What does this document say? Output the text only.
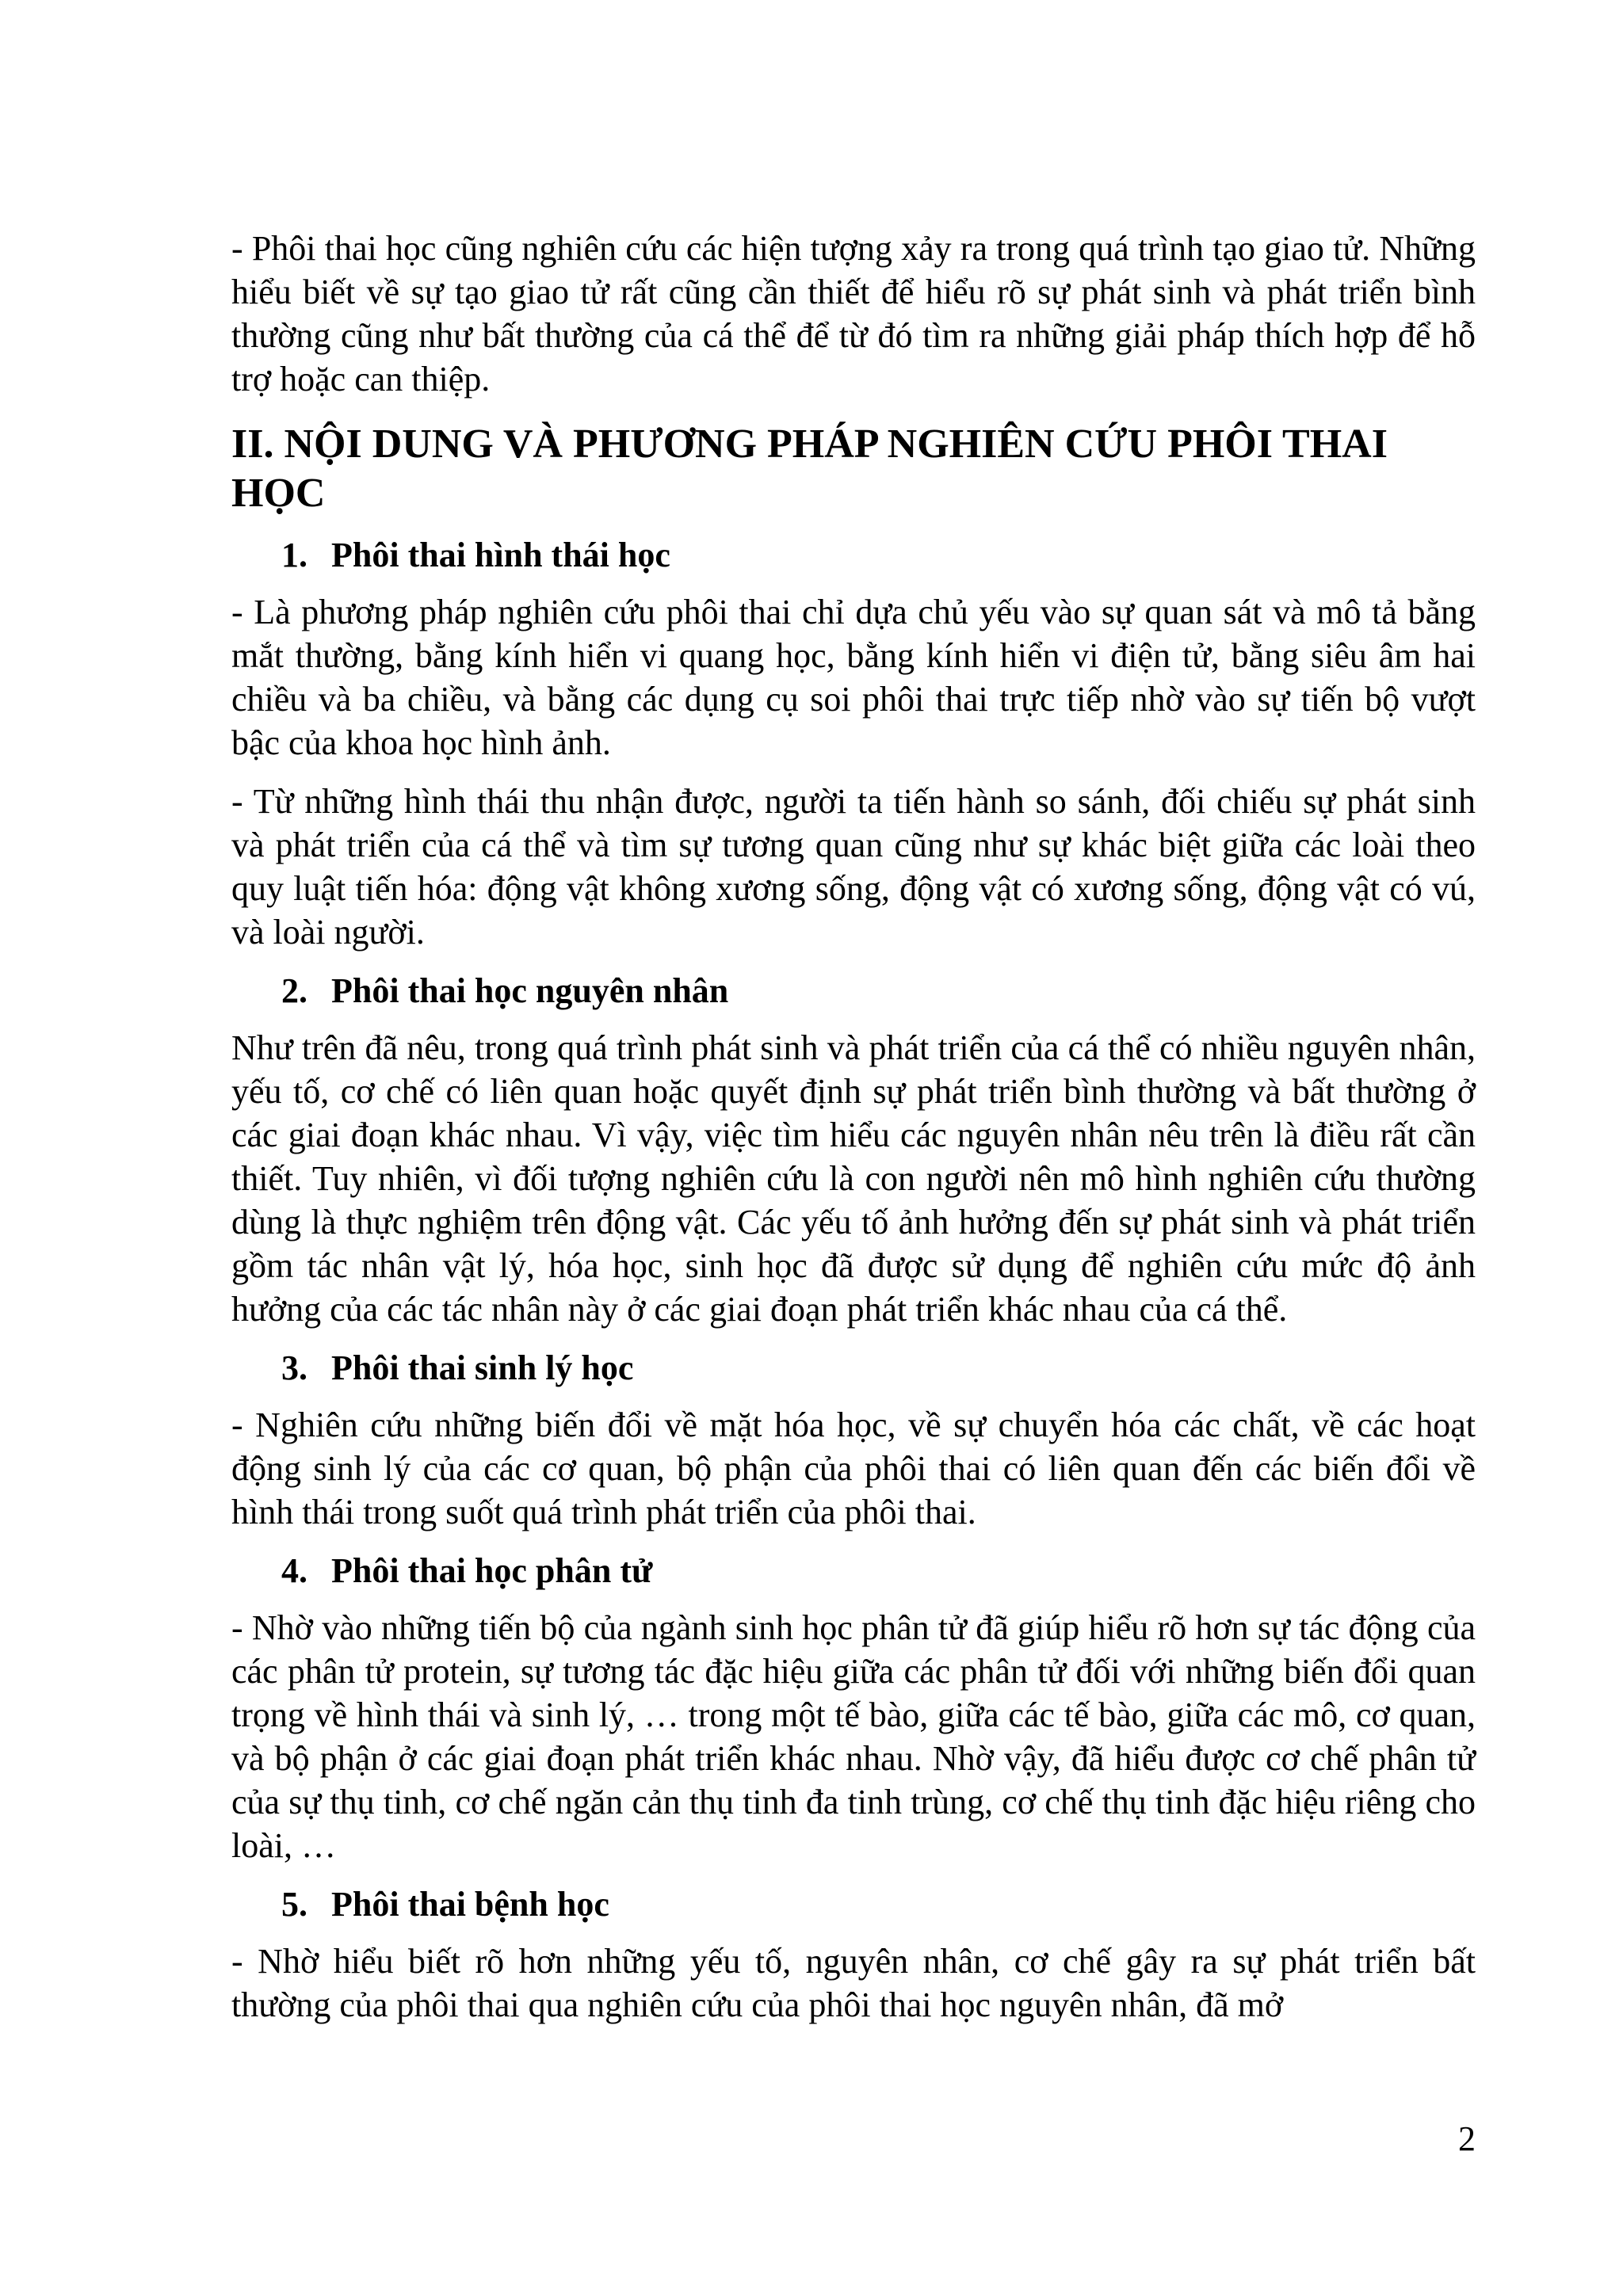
- Phôi thai học cũng nghiên cứu các hiện tượng xảy ra trong quá trình tạo giao tử. Những hiểu biết về sự tạo giao tử rất cũng cần thiết để hiểu rõ sự phát sinh và phát triển bình thường cũng như bất thường của cá thể để từ đó tìm ra những giải pháp thích hợp để hỗ trợ hoặc can thiệp.

II. NỘI DUNG VÀ PHƯƠNG PHÁP NGHIÊN CỨU PHÔI THAI HỌC
1. Phôi thai hình thái học

- Là phương pháp nghiên cứu phôi thai chỉ dựa chủ yếu vào sự quan sát và mô tả bằng mắt thường, bằng kính hiển vi quang học, bằng kính hiển vi điện tử, bằng siêu âm hai chiều và ba chiều, và bằng các dụng cụ soi phôi thai trực tiếp nhờ vào sự tiến bộ vượt bậc của khoa học hình ảnh.

- Từ những hình thái thu nhận được, người ta tiến hành so sánh, đối chiếu sự phát sinh và phát triển của cá thể và tìm sự tương quan cũng như sự khác biệt giữa các loài theo quy luật tiến hóa: động vật không xương sống, động vật có xương sống, động vật có vú, và loài người.

2. Phôi thai học nguyên nhân

Như trên đã nêu, trong quá trình phát sinh và phát triển của cá thể có nhiều nguyên nhân, yếu tố, cơ chế có liên quan hoặc quyết định sự phát triển bình thường và bất thường ở các giai đoạn khác nhau. Vì vậy, việc tìm hiểu các nguyên nhân nêu trên là điều rất cần thiết. Tuy nhiên, vì đối tượng nghiên cứu là con người nên mô hình nghiên cứu thường dùng là thực nghiệm trên động vật. Các yếu tố ảnh hưởng đến sự phát sinh và phát triển gồm tác nhân vật lý, hóa học, sinh học đã được sử dụng để nghiên cứu mức độ ảnh hưởng của các tác nhân này ở các giai đoạn phát triển khác nhau của cá thể.

3. Phôi thai sinh lý học

- Nghiên cứu những biến đổi về mặt hóa học, về sự chuyển hóa các chất, về các hoạt động sinh lý của các cơ quan, bộ phận của phôi thai có liên quan đến các biến đổi về hình thái trong suốt quá trình phát triển của phôi thai.

4. Phôi thai học phân tử

- Nhờ vào những tiến bộ của ngành sinh học phân tử đã giúp hiểu rõ hơn sự tác động của các phân tử protein, sự tương tác đặc hiệu giữa các phân tử đối với những biến đổi quan trọng về hình thái và sinh lý, … trong một tế bào, giữa các tế bào, giữa các mô, cơ quan, và bộ phận ở các giai đoạn phát triển khác nhau. Nhờ vậy, đã hiểu được cơ chế phân tử của sự thụ tinh, cơ chế ngăn cản thụ tinh đa tinh trùng, cơ chế thụ tinh đặc hiệu riêng cho loài, …

5. Phôi thai bệnh học

- Nhờ hiểu biết rõ hơn những yếu tố, nguyên nhân, cơ chế gây ra sự phát triển bất thường của phôi thai qua nghiên cứu của phôi thai học nguyên nhân, đã mở

2
